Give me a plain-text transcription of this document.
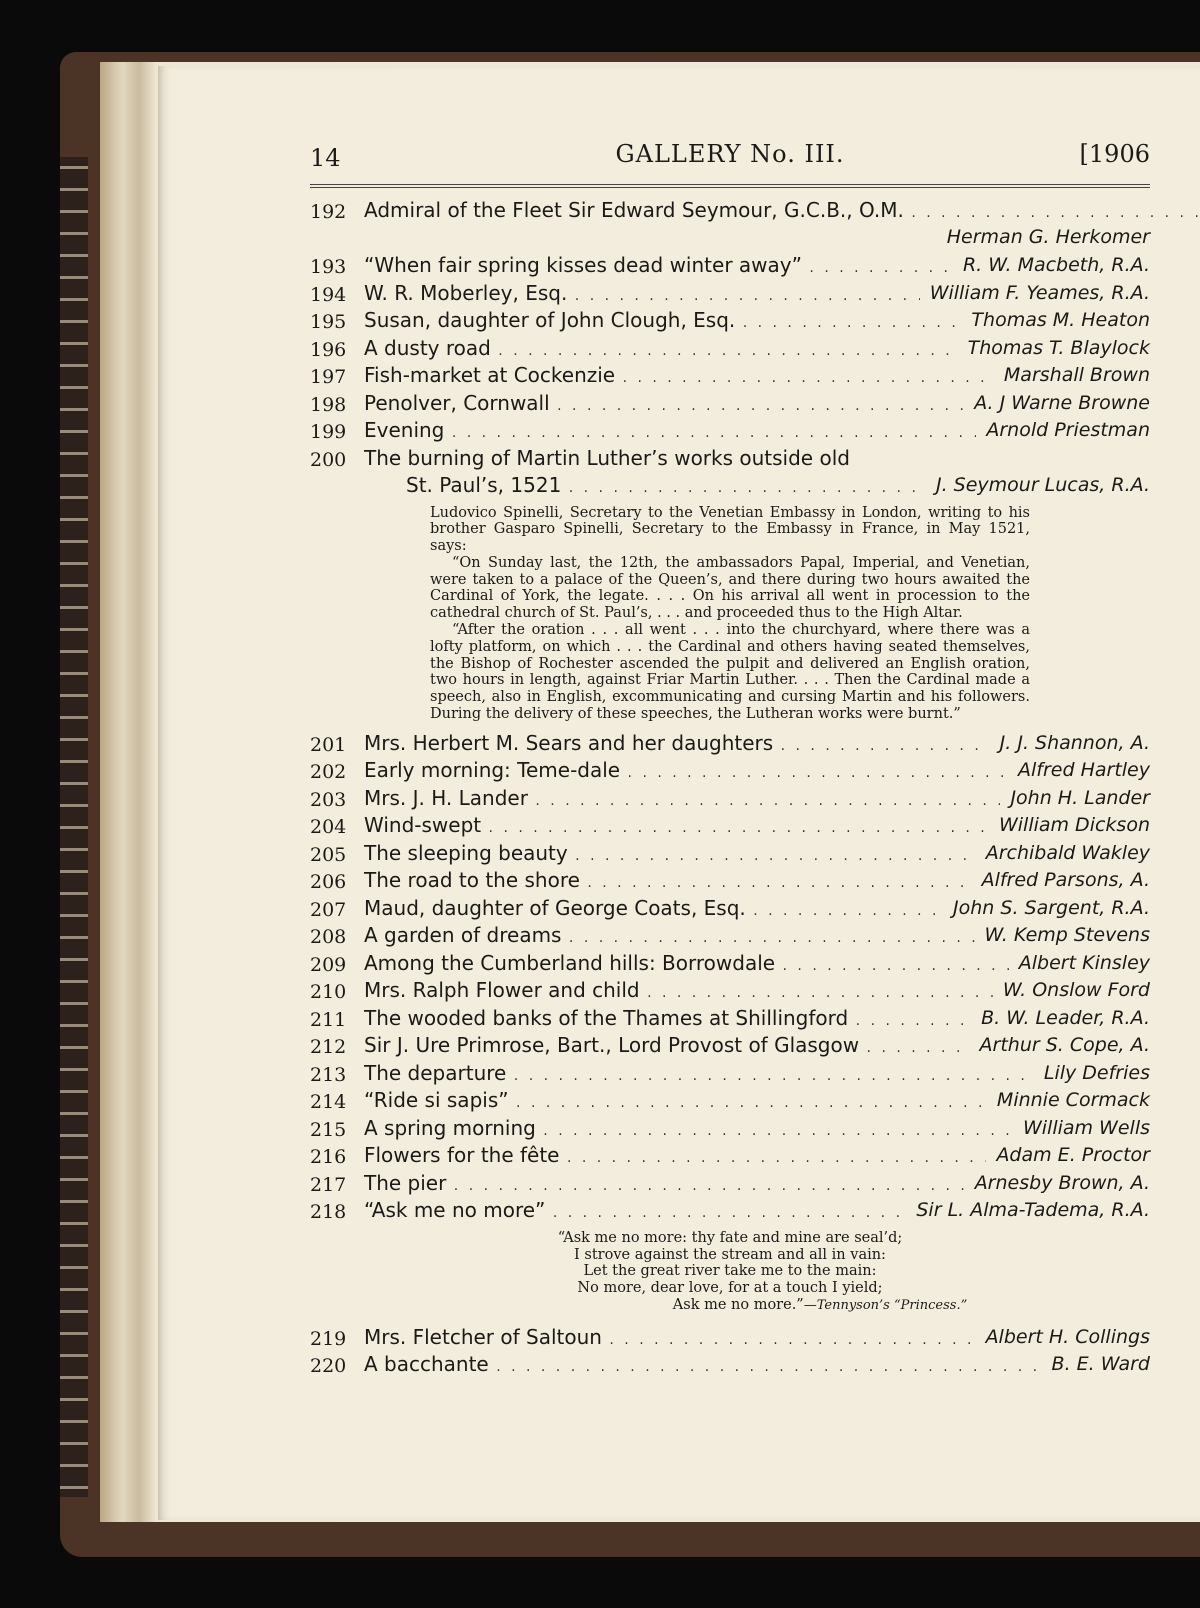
14	GALLERY No. III.	[1906
192 Admiral of the Fleet Sir Edward Seymour, G.C.B., O.M. . . .
Herman G. Herkomer
193 “When fair spring kisses dead winter away” . . .	R. W. Macbeth, R.A.
194 W. R. Moberley, Esq. . . .	William F. Yeames, R.A.
195 Susan, daughter of John Clough, Esq. . . .	Thomas M. Heaton
196 A dusty road . . .	Thomas T. Blaylock
197 Fish-market at Cockenzie . . .	Marshall Brown
198 Penolver, Cornwall . . .	A. J Warne Browne
199 Evening . . .	Arnold Priestman
200 The burning of Martin Luther’s works outside old
St. Paul’s, 1521 . . .	J. Seymour Lucas, R.A.

Ludovico Spinelli, Secretary to the Venetian Embassy in London, writing to his brother Gasparo Spinelli, Secretary to the Embassy in France, in May 1521, says:

“On Sunday last, the 12th, the ambassadors Papal, Imperial, and Venetian, were taken to a palace of the Queen’s, and there during two hours awaited the Cardinal of York, the legate. . . . On his arrival all went in procession to the cathedral church of St. Paul’s, . . . and proceeded thus to the High Altar.

“After the oration . . . all went . . . into the churchyard, where there was a lofty platform, on which . . . the Cardinal and others having seated themselves, the Bishop of Rochester ascended the pulpit and delivered an English oration, two hours in length, against Friar Martin Luther. . . . Then the Cardinal made a speech, also in English, excommunicating and cursing Martin and his followers. During the delivery of these speeches, the Lutheran works were burnt.”

201 Mrs. Herbert M. Sears and her daughters . . .	J. J. Shannon, A.
202 Early morning: Teme-dale . . .	Alfred Hartley
203 Mrs. J. H. Lander . . .	John H. Lander
204 Wind-swept . . .	William Dickson
205 The sleeping beauty . . .	Archibald Wakley
206 The road to the shore . . .	Alfred Parsons, A.
207 Maud, daughter of George Coats, Esq. . . .	John S. Sargent, R.A.
208 A garden of dreams . . .	W. Kemp Stevens
209 Among the Cumberland hills: Borrowdale . . .	Albert Kinsley
210 Mrs. Ralph Flower and child . . .	W. Onslow Ford
211 The wooded banks of the Thames at Shillingford . . .	B. W. Leader, R.A.
212 Sir J. Ure Primrose, Bart., Lord Provost of Glasgow . . .	Arthur S. Cope, A.
213 The departure . . .	Lily Defries
214 “Ride si sapis” . . .	Minnie Cormack
215 A spring morning . . .	William Wells
216 Flowers for the fête . . .	Adam E. Proctor
217 The pier . . .	Arnesby Brown, A.
218 “Ask me no more” . . .	Sir L. Alma-Tadema, R.A.
“Ask me no more: thy fate and mine are seal’d;
I strove against the stream and all in vain:
Let the great river take me to the main:
No more, dear love, for at a touch I yield;
Ask me no more.”—Tennyson’s “Princess.”
219 Mrs. Fletcher of Saltoun . . .	Albert H. Collings
220 A bacchante . . .	B. E. Ward
